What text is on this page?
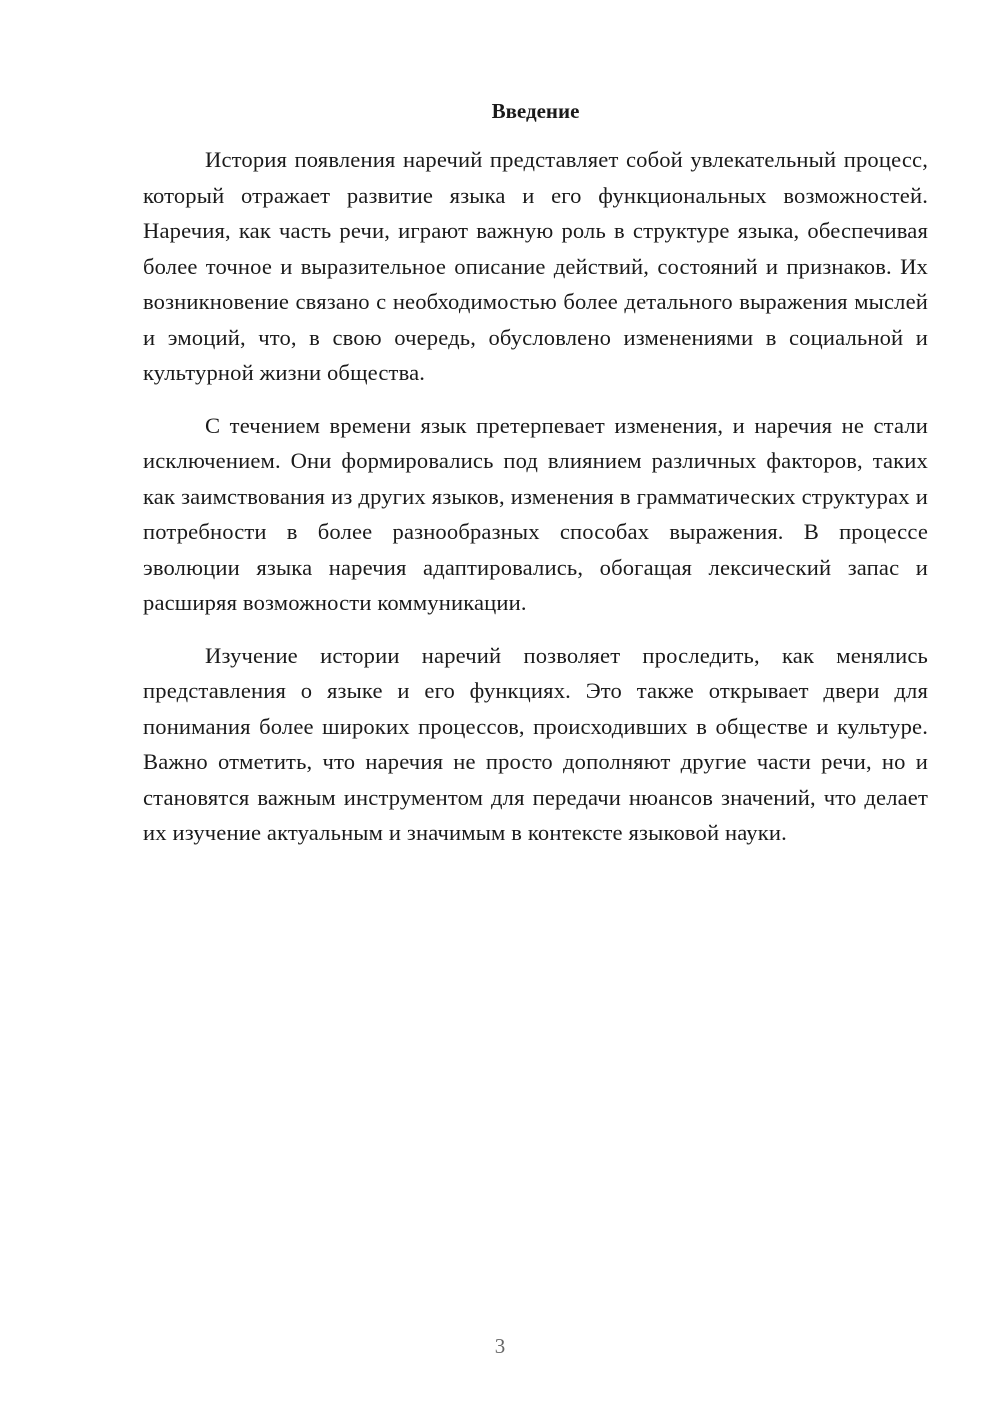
Введение

История появления наречий представляет собой увлекательный процесс, который отражает развитие языка и его функциональных возможностей. Наречия, как часть речи, играют важную роль в структуре языка, обеспечивая более точное и выразительное описание действий, состояний и признаков. Их возникновение связано с необходимостью более детального выражения мыслей и эмоций, что, в свою очередь, обусловлено изменениями в социальной и культурной жизни общества.

С течением времени язык претерпевает изменения, и наречия не стали исключением. Они формировались под влиянием различных факторов, таких как заимствования из других языков, изменения в грамматических структурах и потребности в более разнообразных способах выражения. В процессе эволюции языка наречия адаптировались, обогащая лексический запас и расширяя возможности коммуникации.

Изучение истории наречий позволяет проследить, как менялись представления о языке и его функциях. Это также открывает двери для понимания более широких процессов, происходивших в обществе и культуре. Важно отметить, что наречия не просто дополняют другие части речи, но и становятся важным инструментом для передачи нюансов значений, что делает их изучение актуальным и значимым в контексте языковой науки.

3
